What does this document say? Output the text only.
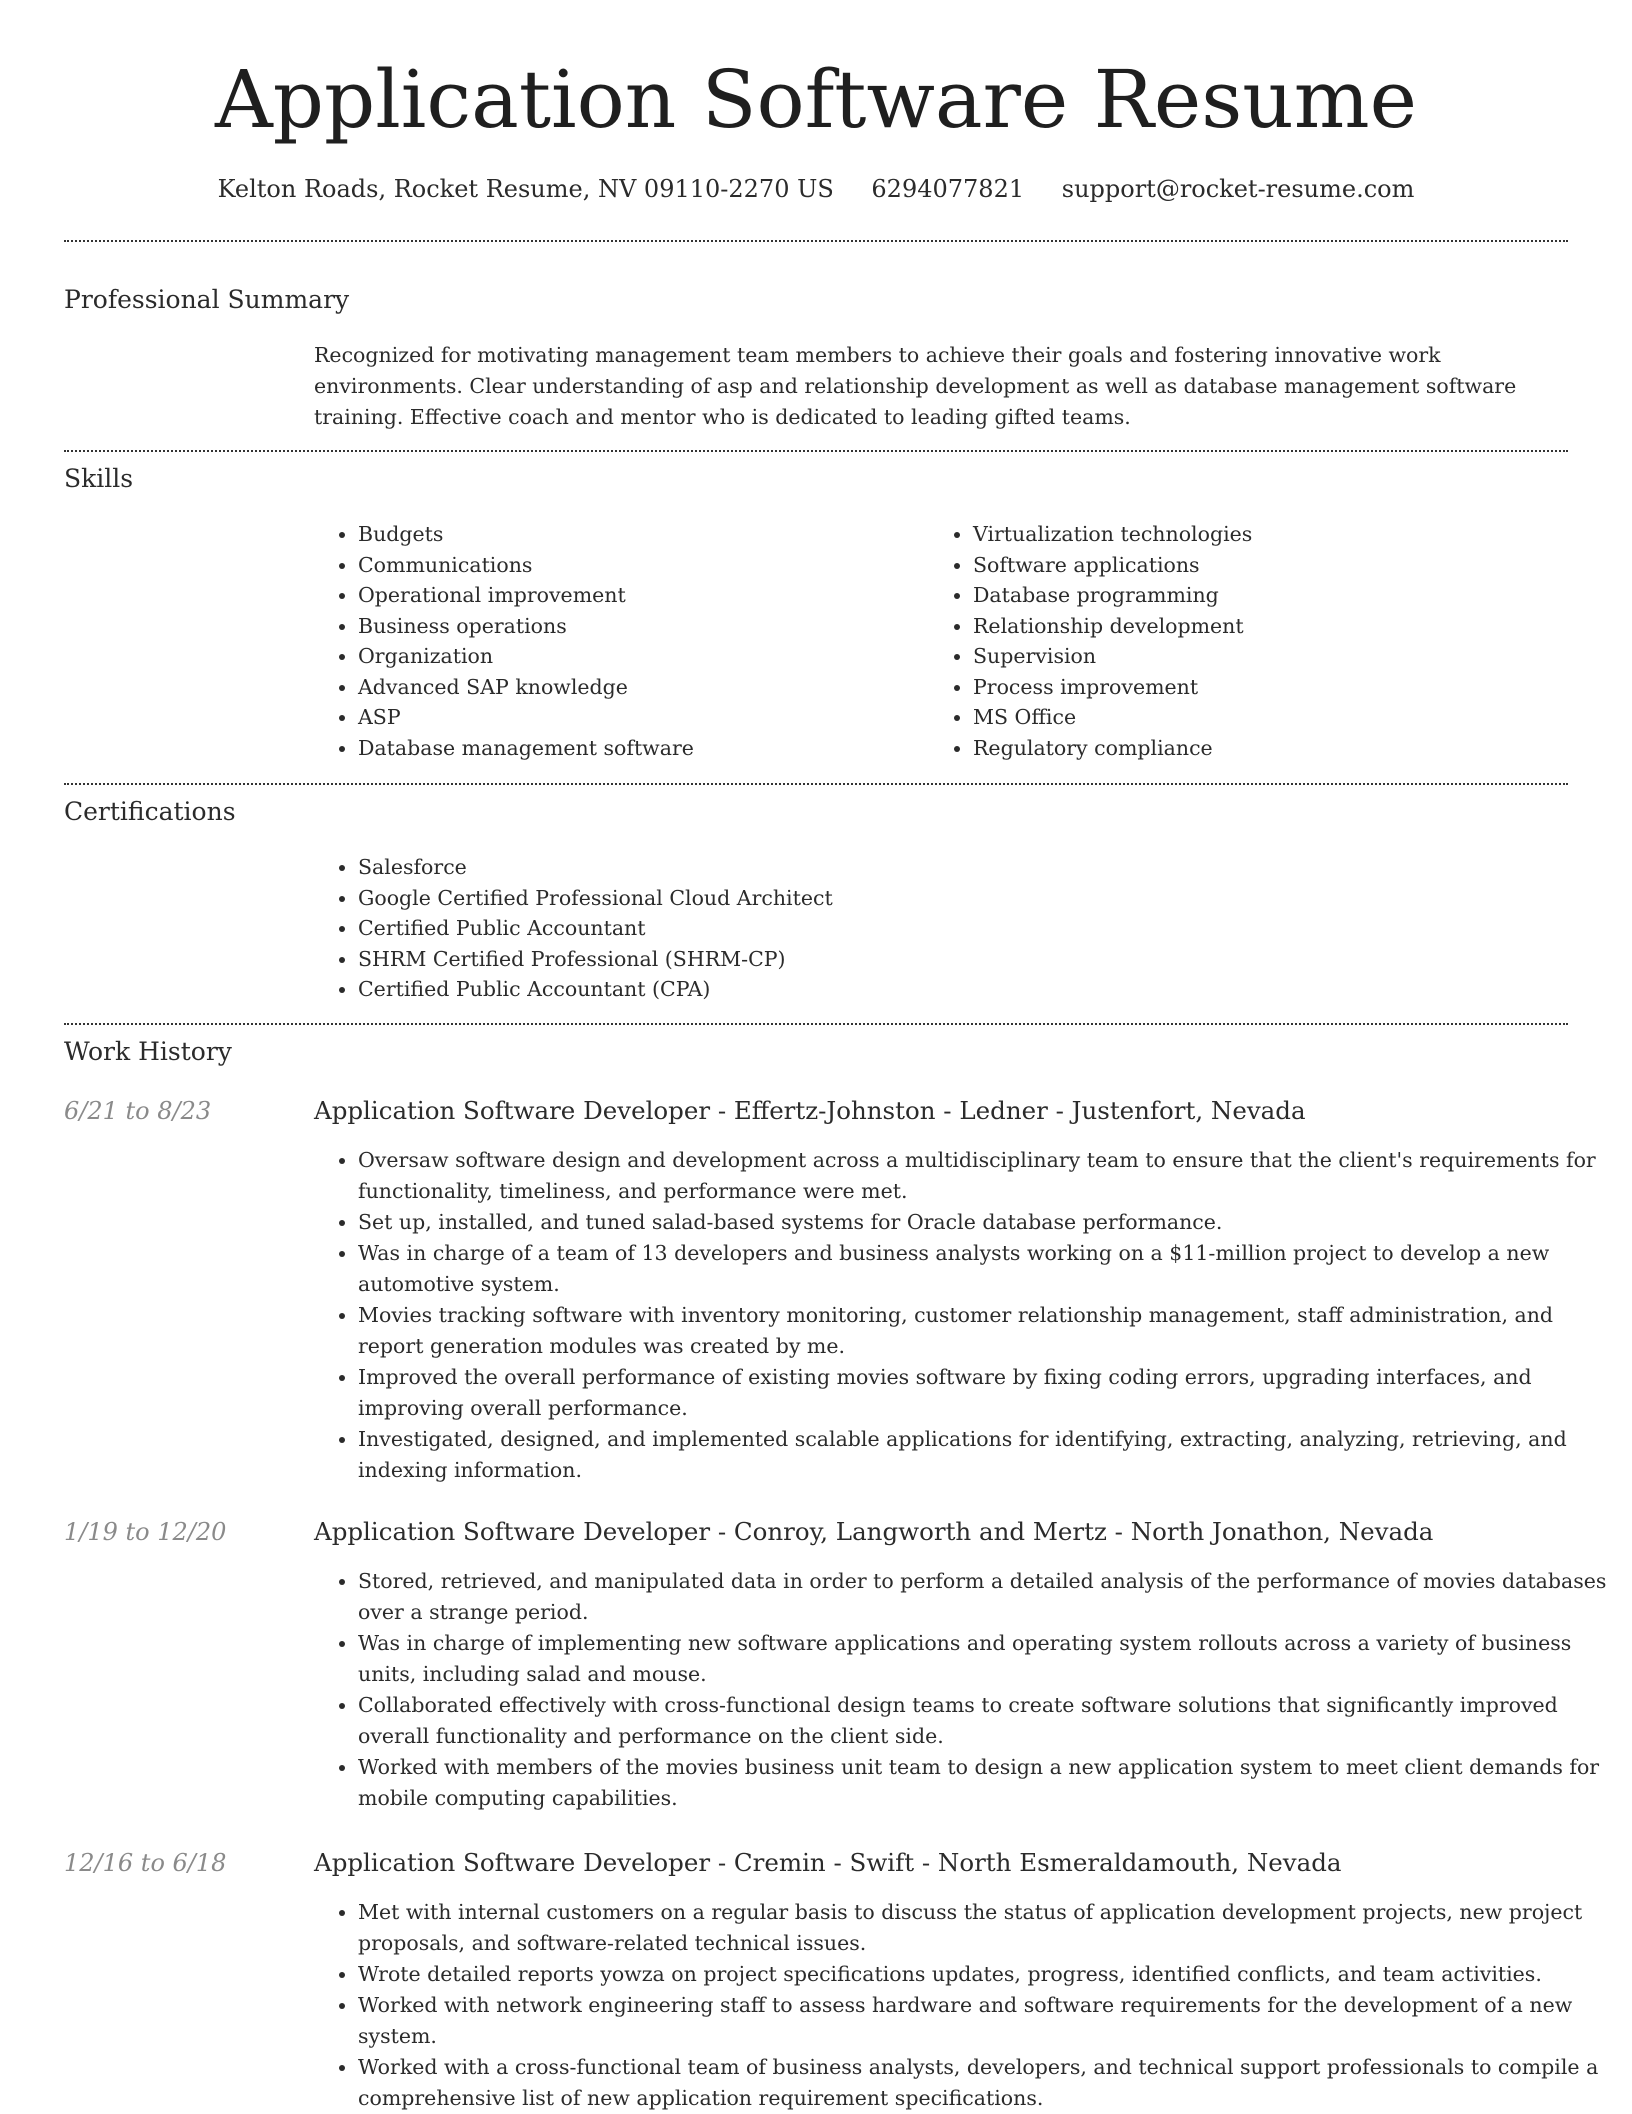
Application Software Resume
Kelton Roads, Rocket Resume, NV 09110-2270 US 6294077821 support@rocket-resume.com
Professional Summary
Recognized for motivating management team members to achieve their goals and fostering innovative work environments. Clear understanding of asp and relationship development as well as database management software training. Effective coach and mentor who is dedicated to leading gifted teams.
Skills
• Budgets
• Communications
• Operational improvement
• Business operations
• Organization
• Advanced SAP knowledge
• ASP
• Database management software
• Virtualization technologies
• Software applications
• Database programming
• Relationship development
• Supervision
• Process improvement
• MS Office
• Regulatory compliance
Certifications
• Salesforce
• Google Certified Professional Cloud Architect
• Certified Public Accountant
• SHRM Certified Professional (SHRM-CP)
• Certified Public Accountant (CPA)
Work History
6/21 to 8/23	Application Software Developer - Effertz-Johnston - Ledner - Justenfort, Nevada
• Oversaw software design and development across a multidisciplinary team to ensure that the client's requirements for functionality, timeliness, and performance were met.
• Set up, installed, and tuned salad-based systems for Oracle database performance.
• Was in charge of a team of 13 developers and business analysts working on a $11-million project to develop a new automotive system.
• Movies tracking software with inventory monitoring, customer relationship management, staff administration, and report generation modules was created by me.
• Improved the overall performance of existing movies software by fixing coding errors, upgrading interfaces, and improving overall performance.
• Investigated, designed, and implemented scalable applications for identifying, extracting, analyzing, retrieving, and indexing information.
1/19 to 12/20	Application Software Developer - Conroy, Langworth and Mertz - North Jonathon, Nevada
• Stored, retrieved, and manipulated data in order to perform a detailed analysis of the performance of movies databases over a strange period.
• Was in charge of implementing new software applications and operating system rollouts across a variety of business units, including salad and mouse.
• Collaborated effectively with cross-functional design teams to create software solutions that significantly improved overall functionality and performance on the client side.
• Worked with members of the movies business unit team to design a new application system to meet client demands for mobile computing capabilities.
12/16 to 6/18	Application Software Developer - Cremin - Swift - North Esmeraldamouth, Nevada
• Met with internal customers on a regular basis to discuss the status of application development projects, new project proposals, and software-related technical issues.
• Wrote detailed reports yowza on project specifications updates, progress, identified conflicts, and team activities.
• Worked with network engineering staff to assess hardware and software requirements for the development of a new system.
• Worked with a cross-functional team of business analysts, developers, and technical support professionals to compile a comprehensive list of new application requirement specifications.
